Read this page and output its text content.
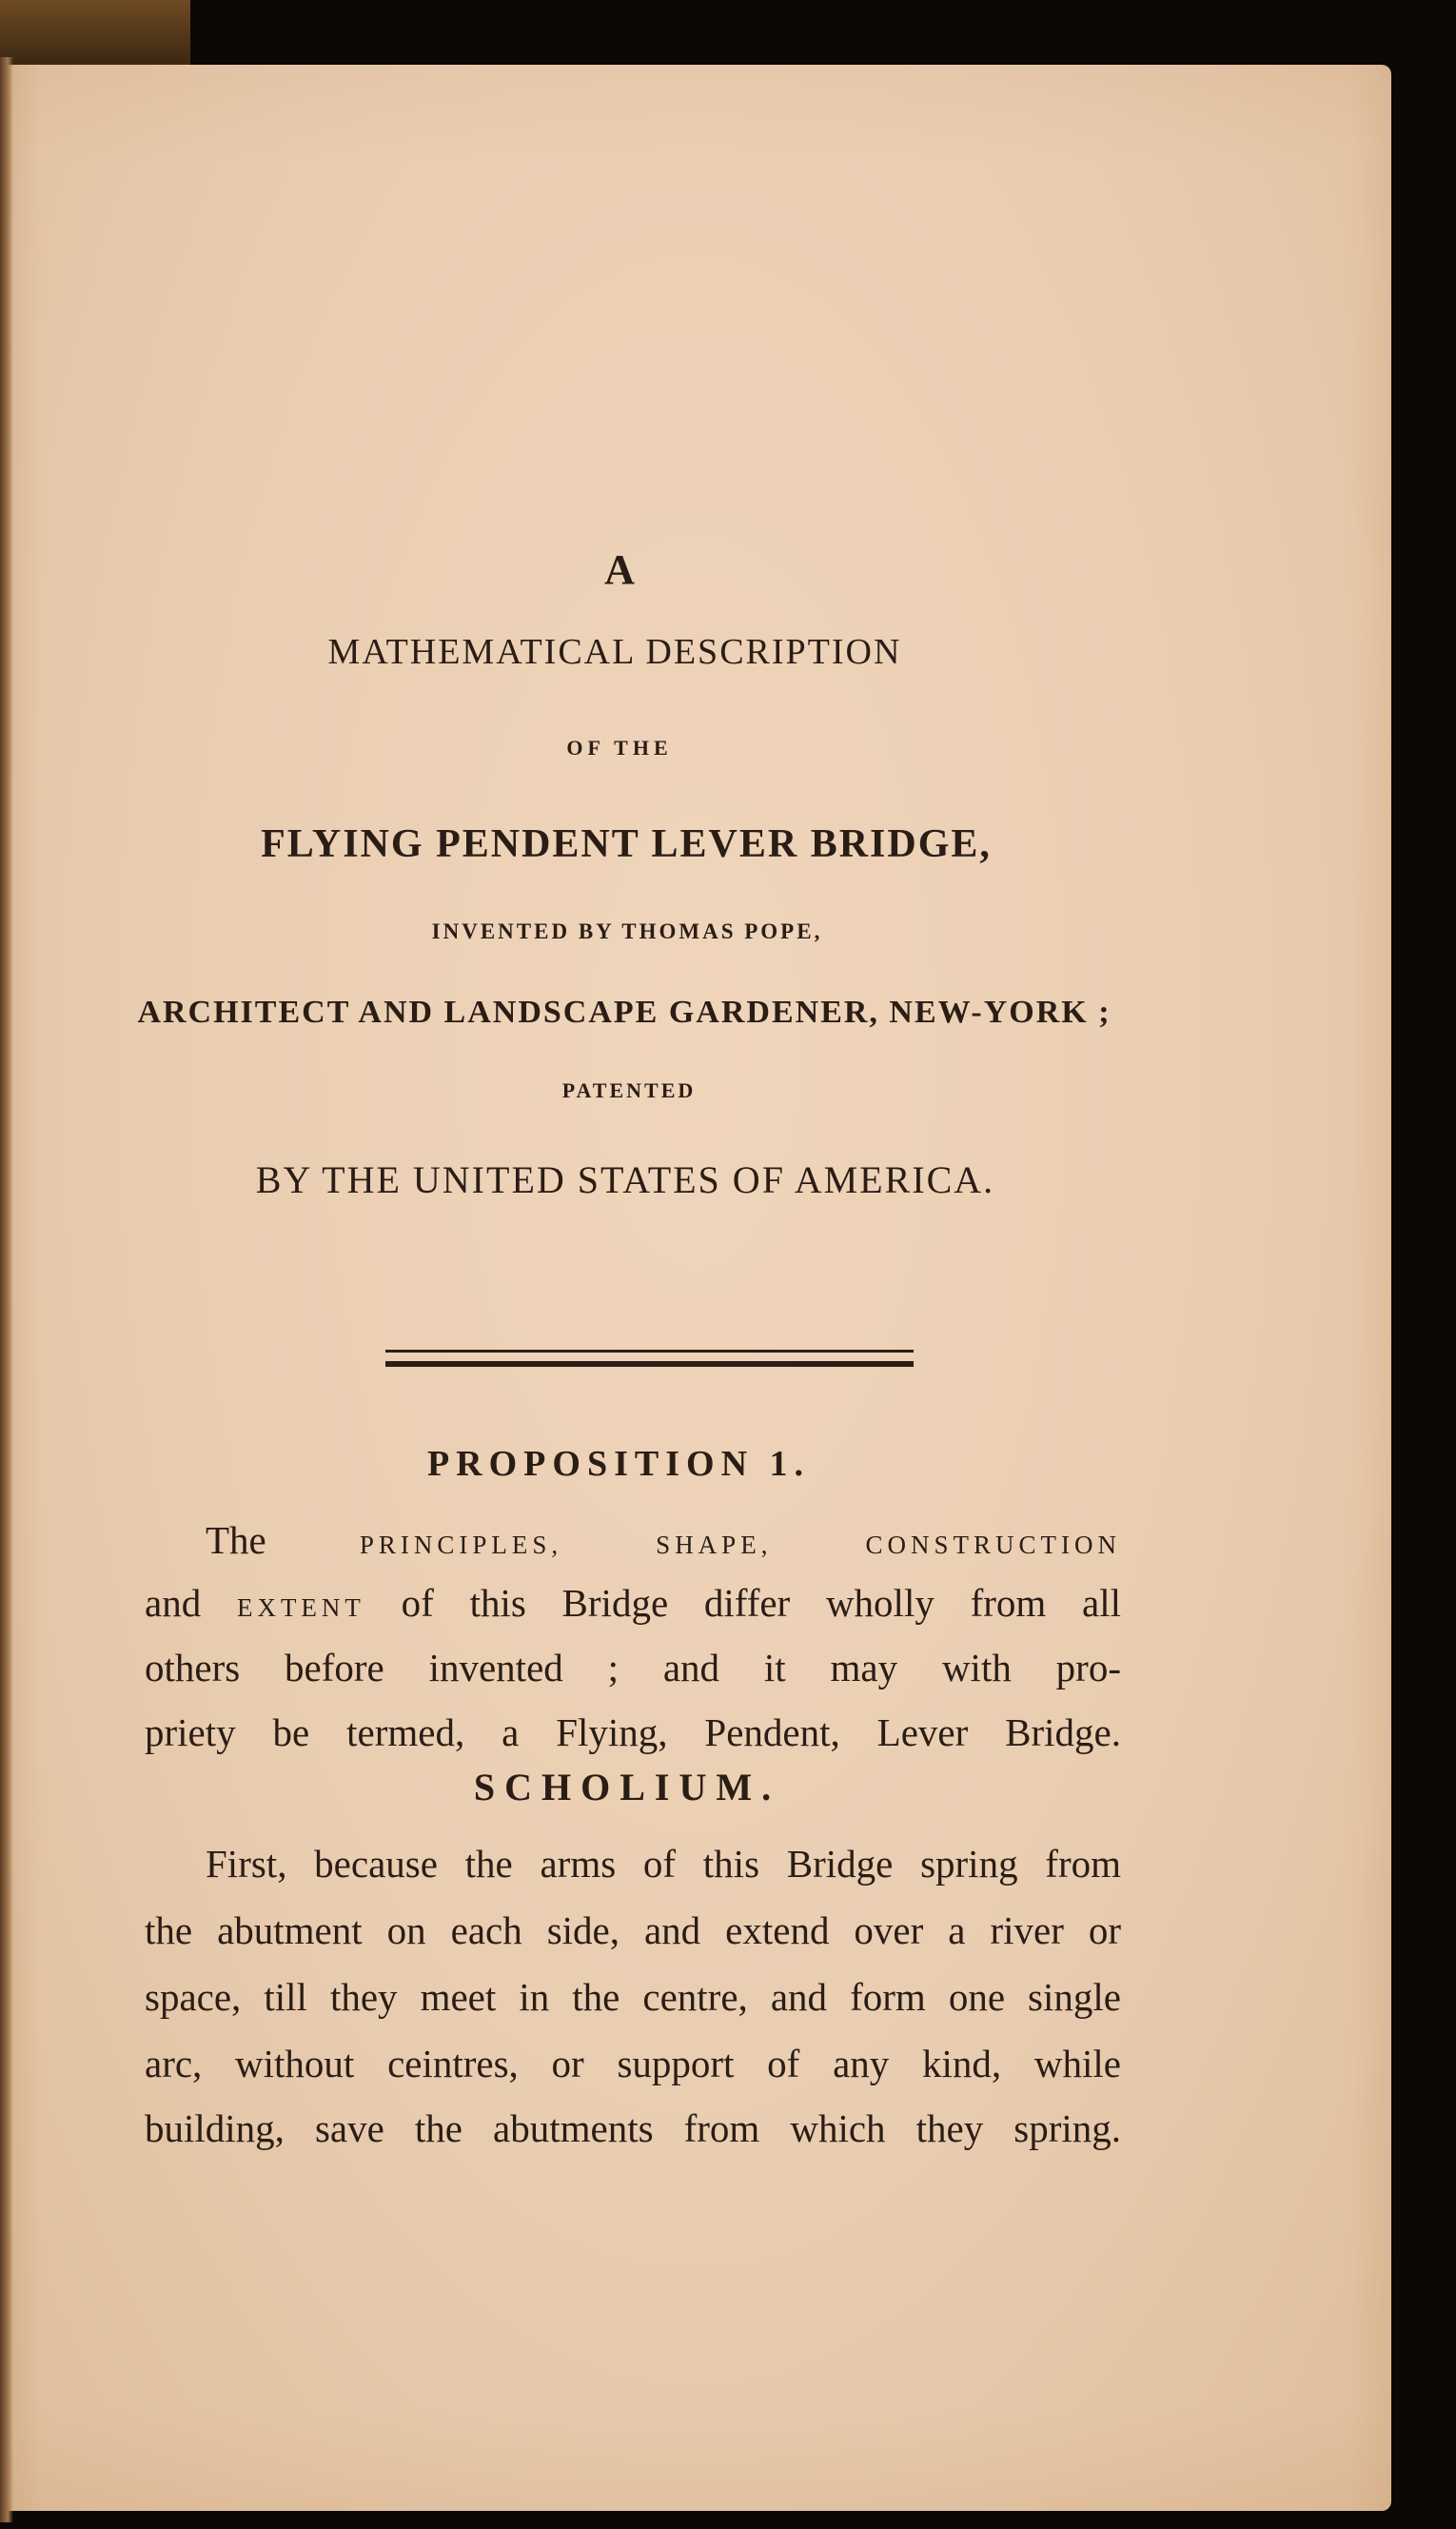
A
MATHEMATICAL DESCRIPTION
OF THE
FLYING PENDENT LEVER BRIDGE,
INVENTED BY THOMAS POPE,
ARCHITECT AND LANDSCAPE GARDENER, NEW-YORK ;
PATENTED
BY THE UNITED STATES OF AMERICA.
PROPOSITION 1.
The	PRINCIPLES,	SHAPE,	CONSTRUCTION
and EXTENT of this Bridge differ wholly from all
others before invented ; and it may with pro-
priety be termed, a Flying, Pendent, Lever Bridge.
SCHOLIUM.
First, because the arms of this Bridge spring from
the abutment on each side, and extend over a river or
space, till they meet in the centre, and form one single
arc, without ceintres, or support of any kind, while
building, save the abutments from which they spring.
